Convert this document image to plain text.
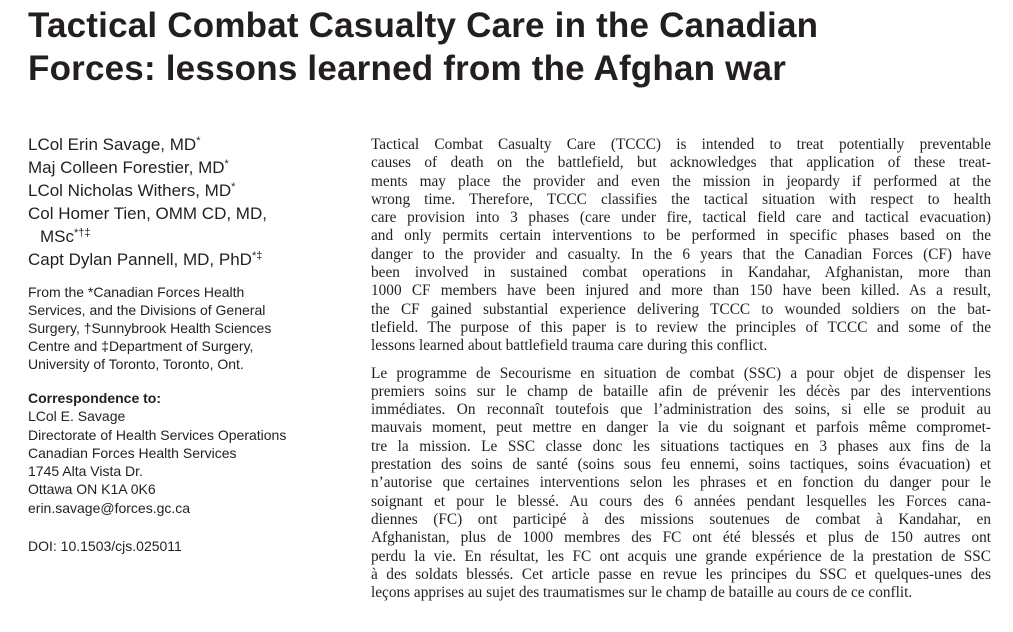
Tactical Combat Casualty Care in the Canadian
Forces: lessons learned from the Afghan war
LCol Erin Savage, MD*
Maj Colleen Forestier, MD*
LCol Nicholas Withers, MD*
Col Homer Tien, OMM CD, MD,
MSc*†‡
Capt Dylan Pannell, MD, PhD*‡
From the *Canadian Forces Health
Services, and the Divisions of General
Surgery, †Sunnybrook Health Sciences
Centre and ‡Department of Surgery,
University of Toronto, Toronto, Ont.
Correspondence to:
LCol E. Savage
Directorate of Health Services Operations
Canadian Forces Health Services
1745 Alta Vista Dr.
Ottawa ON K1A 0K6
erin.savage@forces.gc.ca
DOI: 10.1503/cjs.025011

Tactical Combat Casualty Care (TCCC) is intended to treat potentially preventable
causes of death on the battlefield, but acknowledges that application of these treat-
ments may place the provider and even the mission in jeopardy if performed at the
wrong time. Therefore, TCCC classifies the tactical situation with respect to health
care provision into 3 phases (care under fire, tactical field care and tactical evacuation)
and only permits certain interventions to be performed in specific phases based on the
danger to the provider and casualty. In the 6 years that the Canadian Forces (CF) have
been involved in sustained combat operations in Kandahar, Afghanistan, more than
1000 CF members have been injured and more than 150 have been killed. As a result,
the CF gained substantial experience delivering TCCC to wounded soldiers on the bat-
tlefield. The purpose of this paper is to review the principles of TCCC and some of the
lessons learned about battlefield trauma care during this conflict.

Le programme de Secourisme en situation de combat (SSC) a pour objet de dispenser les
premiers soins sur le champ de bataille afin de prévenir les décès par des interventions
immédiates. On reconnaît toutefois que l’administration des soins, si elle se produit au
mauvais moment, peut mettre en danger la vie du soignant et parfois même compromet-
tre la mission. Le SSC classe donc les situations tactiques en 3 phases aux fins de la
prestation des soins de santé (soins sous feu ennemi, soins tactiques, soins évacuation) et
n’autorise que certaines interventions selon les phrases et en fonction du danger pour le
soignant et pour le blessé. Au cours des 6 années pendant lesquelles les Forces cana-
diennes (FC) ont participé à des missions soutenues de combat à Kandahar, en
Afghanistan, plus de 1000 membres des FC ont été blessés et plus de 150 autres ont
perdu la vie. En résultat, les FC ont acquis une grande expérience de la prestation de SSC
à des soldats blessés. Cet article passe en revue les principes du SSC et quelques-unes des
leçons apprises au sujet des traumatismes sur le champ de bataille au cours de ce conflit.
